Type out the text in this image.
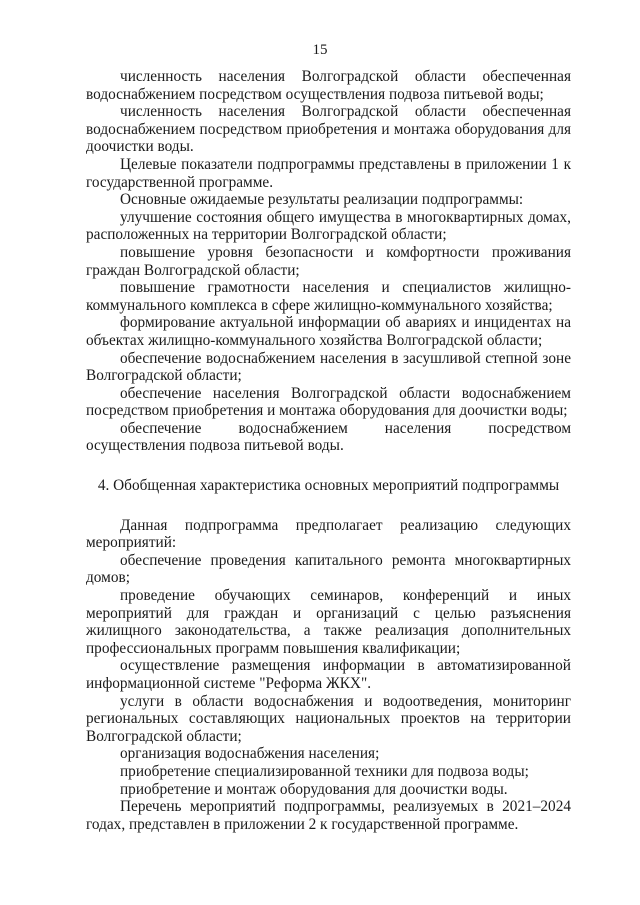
15

численность населения Волгоградской области обеспеченная водоснабжением посредством осуществления подвоза питьевой воды;

численность населения Волгоградской области обеспеченная водоснабжением посредством приобретения и монтажа оборудования для доочистки воды.

Целевые показатели подпрограммы представлены в приложении 1 к государственной программе.

Основные ожидаемые результаты реализации подпрограммы:

улучшение состояния общего имущества в многоквартирных домах, расположенных на территории Волгоградской области;

повышение уровня безопасности и комфортности проживания граждан Волгоградской области;

повышение грамотности населения и специалистов жилищно-коммунального комплекса в сфере жилищно-коммунального хозяйства;

формирование актуальной информации об авариях и инцидентах на объектах жилищно-коммунального хозяйства Волгоградской области;

обеспечение водоснабжением населения в засушливой степной зоне Волгоградской области;

обеспечение населения Волгоградской области водоснабжением посредством приобретения и монтажа оборудования для доочистки воды;

обеспечение водоснабжением населения посредством осуществления подвоза питьевой воды.

4. Обобщенная характеристика основных мероприятий подпрограммы

Данная подпрограмма предполагает реализацию следующих мероприятий:

обеспечение проведения капитального ремонта многоквартирных домов;

проведение обучающих семинаров, конференций и иных мероприятий для граждан и организаций с целью разъяснения жилищного законодательства, а также реализация дополнительных профессиональных программ повышения квалификации;

осуществление размещения информации в автоматизированной информационной системе "Реформа ЖКХ".

услуги в области водоснабжения и водоотведения, мониторинг региональных составляющих национальных проектов на территории Волгоградской области;

организация водоснабжения населения;

приобретение специализированной техники для подвоза воды;

приобретение и монтаж оборудования для доочистки воды.

Перечень мероприятий подпрограммы, реализуемых в 2021–2024 годах, представлен в приложении 2 к государственной программе.
